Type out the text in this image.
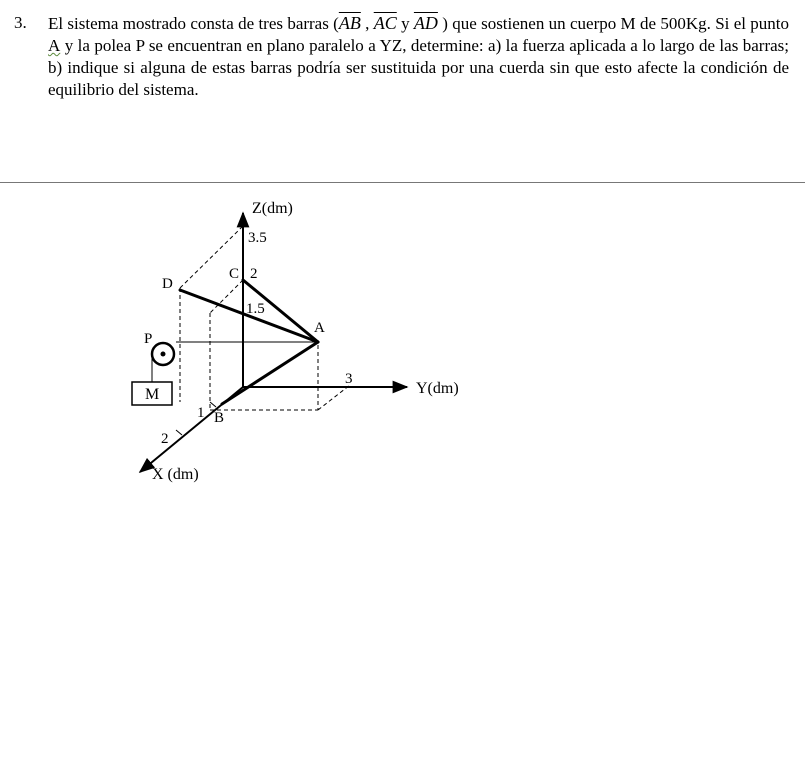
3. El sistema mostrado consta de tres barras ($\overline{AB}$ , $\overline{AC}$ y $\overline{AD}$ ) que sostienen un cuerpo M de 500Kg. Si el punto A y la polea P se encuentran en plano paralelo a YZ, determine: a) la fuerza aplicada a lo largo de las barras; b) indique si alguna de estas barras podría ser sustituida por una cuerda sin que esto afecte la condición de equilibrio del sistema.
Z(dm)
Y(dm)
X (dm)
3.5
2
1.5
3
1
2
A
B
C
D
P
M
